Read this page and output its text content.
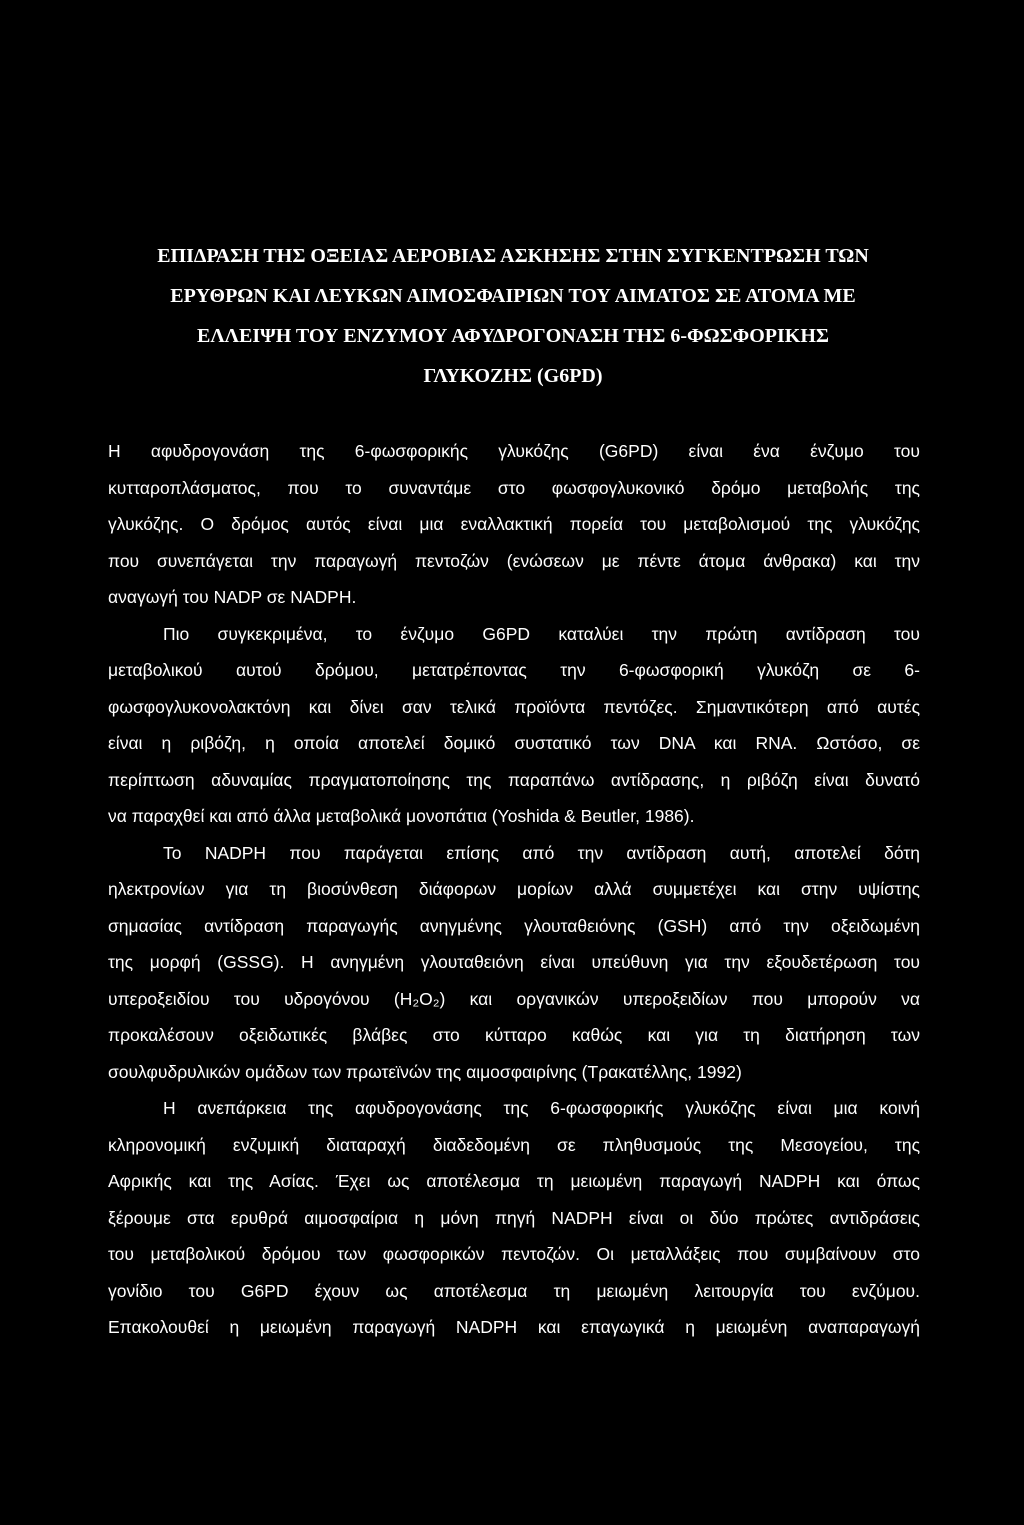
ΕΠΙΔΡΑΣΗ ΤΗΣ ΟΞΕΙΑΣ ΑΕΡΟΒΙΑΣ ΑΣΚΗΣΗΣ ΣΤΗΝ ΣΥΓΚΕΝΤΡΩΣΗ ΤΩΝ
ΕΡΥΘΡΩΝ ΚΑΙ ΛΕΥΚΩΝ ΑΙΜΟΣΦΑΙΡΙΩΝ ΤΟΥ ΑΙΜΑΤΟΣ ΣΕ ΑΤΟΜΑ ΜΕ
ΕΛΛΕΙΨΗ ΤΟΥ ΕΝΖΥΜΟΥ ΑΦΥΔΡΟΓΟΝΑΣΗ ΤΗΣ 6-ΦΩΣΦΟΡΙΚΗΣ
ΓΛΥΚΟΖΗΣ (G6PD)

Η αφυδρογονάση της 6-φωσφορικής γλυκόζης (G6PD) είναι ένα ένζυμο του

κυτταροπλάσματος, που το συναντάμε στο φωσφογλυκονικό δρόμο μεταβολής της

γλυκόζης. Ο δρόμος αυτός είναι μια εναλλακτική πορεία του μεταβολισμού της γλυκόζης

που συνεπάγεται την παραγωγή πεντοζών (ενώσεων με πέντε άτομα άνθρακα) και την

αναγωγή του NADP σε NADPH.

Πιο συγκεκριμένα, το ένζυμο G6PD καταλύει την πρώτη αντίδραση του

μεταβολικού αυτού δρόμου, μετατρέποντας την 6-φωσφορική γλυκόζη σε 6-

φωσφογλυκονολακτόνη και δίνει σαν τελικά προϊόντα πεντόζες. Σημαντικότερη από αυτές

είναι η ριβόζη, η οποία αποτελεί δομικό συστατικό των DNA και RNA. Ωστόσο, σε

περίπτωση αδυναμίας πραγματοποίησης της παραπάνω αντίδρασης, η ριβόζη είναι δυνατό

να παραχθεί και από άλλα μεταβολικά μονοπάτια (Yoshida & Beutler, 1986).

Το NADPH που παράγεται επίσης από την αντίδραση αυτή, αποτελεί δότη

ηλεκτρονίων για τη βιοσύνθεση διάφορων μορίων αλλά συμμετέχει και στην υψίστης

σημασίας αντίδραση παραγωγής ανηγμένης γλουταθειόνης (GSH) από την οξειδωμένη

της μορφή (GSSG). Η ανηγμένη γλουταθειόνη είναι υπεύθυνη για την εξουδετέρωση του

υπεροξειδίου του υδρογόνου (H₂O₂) και οργανικών υπεροξειδίων που μπορούν να

προκαλέσουν οξειδωτικές βλάβες στο κύτταρο καθώς και για τη διατήρηση των

σουλφυδρυλικών ομάδων των πρωτεϊνών της αιμοσφαιρίνης (Τρακατέλλης, 1992)

Η ανεπάρκεια της αφυδρογονάσης της 6-φωσφορικής γλυκόζης είναι μια κοινή

κληρονομική ενζυμική διαταραχή διαδεδομένη σε πληθυσμούς της Μεσογείου, της

Αφρικής και της Ασίας. Έχει ως αποτέλεσμα τη μειωμένη παραγωγή NADPH και όπως

ξέρουμε στα ερυθρά αιμοσφαίρια η μόνη πηγή NADPH είναι οι δύο πρώτες αντιδράσεις

του μεταβολικού δρόμου των φωσφορικών πεντοζών. Οι μεταλλάξεις που συμβαίνουν στο

γονίδιο του G6PD έχουν ως αποτέλεσμα τη μειωμένη λειτουργία του ενζύμου.

Επακολουθεί η μειωμένη παραγωγή NADPH και επαγωγικά η μειωμένη αναπαραγωγή
